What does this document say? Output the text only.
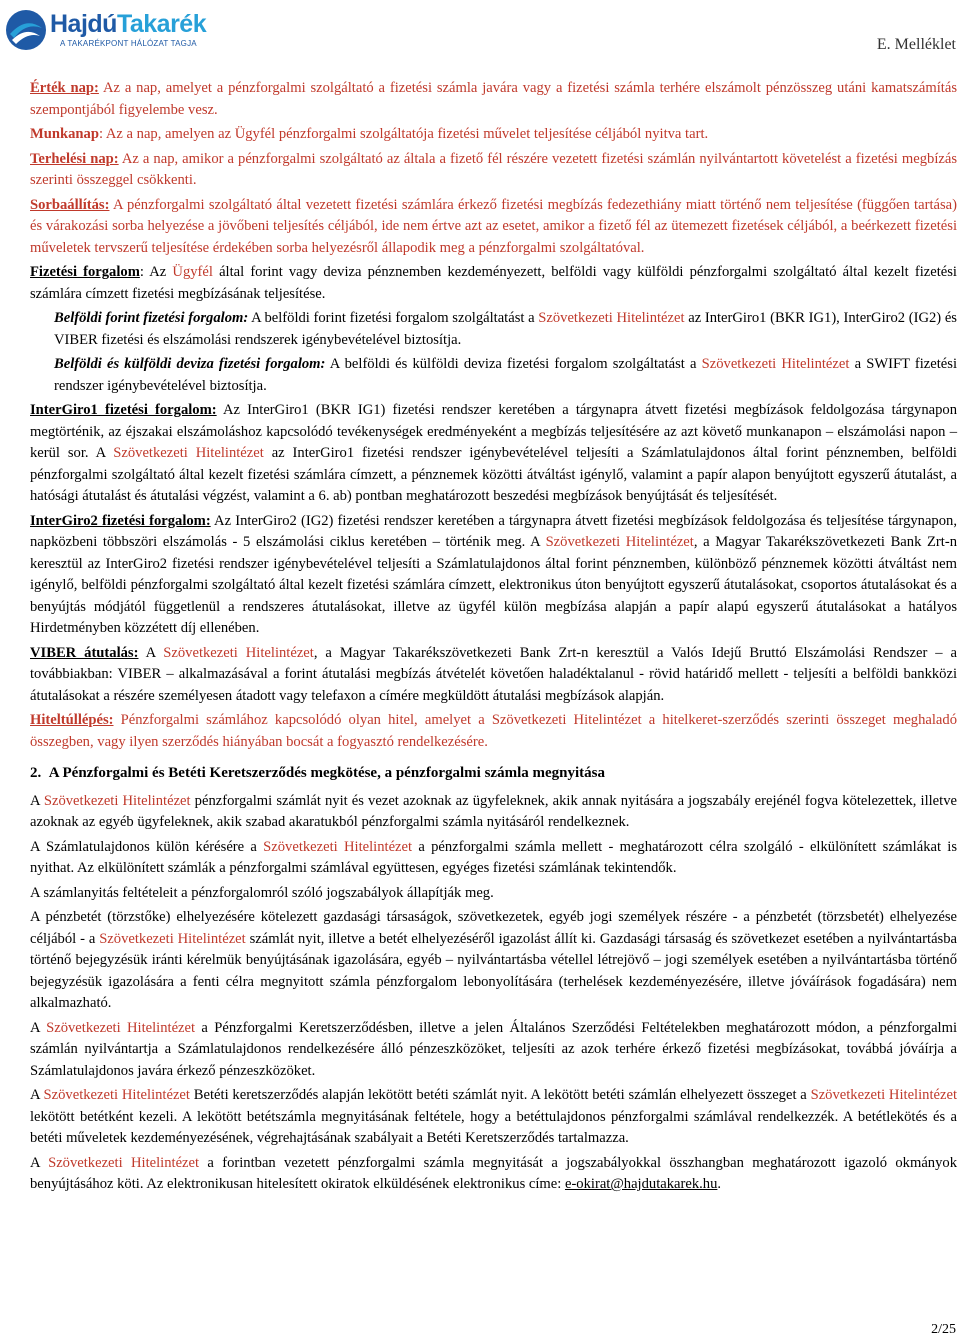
HajdúTakarék
A TAKARÉKPONT HÁLÓZAT TAGJA	E. Melléklet

Érték nap: Az a nap, amelyet a pénzforgalmi szolgáltató a fizetési számla javára vagy a fizetési számla terhére elszámolt pénzösszeg utáni kamatszámítás szempontjából figyelembe vesz.

Munkanap: Az a nap, amelyen az Ügyfél pénzforgalmi szolgáltatója fizetési művelet teljesítése céljából nyitva tart.

Terhelési nap: Az a nap, amikor a pénzforgalmi szolgáltató az általa a fizető fél részére vezetett fizetési számlán nyilvántartott követelést a fizetési megbízás szerinti összeggel csökkenti.

Sorbaállítás: A pénzforgalmi szolgáltató által vezetett fizetési számlára érkező fizetési megbízás fedezethiány miatt történő nem teljesítése (függően tartása) és várakozási sorba helyezése a jövőbeni teljesítés céljából, ide nem értve azt az esetet, amikor a fizető fél az ütemezett fizetések céljából, a beérkezett fizetési műveletek tervszerű teljesítése érdekében sorba helyezésről állapodik meg a pénzforgalmi szolgáltatóval.

Fizetési forgalom: Az Ügyfél által forint vagy deviza pénznemben kezdeményezett, belföldi vagy külföldi pénzforgalmi szolgáltató által kezelt fizetési számlára címzett fizetési megbízásának teljesítése.

Belföldi forint fizetési forgalom: A belföldi forint fizetési forgalom szolgáltatást a Szövetkezeti Hitelintézet az InterGiro1 (BKR IG1), InterGiro2 (IG2) és VIBER fizetési és elszámolási rendszerek igénybevételével biztosítja.

Belföldi és külföldi deviza fizetési forgalom: A belföldi és külföldi deviza fizetési forgalom szolgáltatást a Szövetkezeti Hitelintézet a SWIFT fizetési rendszer igénybevételével biztosítja.

InterGiro1 fizetési forgalom: Az InterGiro1 (BKR IG1) fizetési rendszer keretében a tárgynapra átvett fizetési megbízások feldolgozása tárgynapon megtörténik, az éjszakai elszámoláshoz kapcsolódó tevékenységek eredményeként a megbízás teljesítésére az azt követő munkanapon – elszámolási napon – kerül sor. A Szövetkezeti Hitelintézet az InterGiro1 fizetési rendszer igénybevételével teljesíti a Számlatulajdonos által forint pénznemben, belföldi pénzforgalmi szolgáltató által kezelt fizetési számlára címzett, a pénznemek közötti átváltást igénylő, valamint a papír alapon benyújtott egyszerű átutalást, a hatósági átutalást és átutalási végzést, valamint a 6. ab) pontban meghatározott beszedési megbízások benyújtását és teljesítését.

InterGiro2 fizetési forgalom: Az InterGiro2 (IG2) fizetési rendszer keretében a tárgynapra átvett fizetési megbízások feldolgozása és teljesítése tárgynapon, napközbeni többszöri elszámolás - 5 elszámolási ciklus keretében – történik meg. A Szövetkezeti Hitelintézet, a Magyar Takarékszövetkezeti Bank Zrt-n keresztül az InterGiro2 fizetési rendszer igénybevételével teljesíti a Számlatulajdonos által forint pénznemben, különböző pénznemek közötti átváltást nem igénylő, belföldi pénzforgalmi szolgáltató által kezelt fizetési számlára címzett, elektronikus úton benyújtott egyszerű átutalásokat, csoportos átutalásokat és a benyújtás módjától függetlenül a rendszeres átutalásokat, illetve az ügyfél külön megbízása alapján a papír alapú egyszerű átutalásokat a hatályos Hirdetményben közzétett díj ellenében.

VIBER átutalás: A Szövetkezeti Hitelintézet, a Magyar Takarékszövetkezeti Bank Zrt-n keresztül a Valós Idejű Bruttó Elszámolási Rendszer – a továbbiakban: VIBER – alkalmazásával a forint átutalási megbízás átvételét követően haladéktalanul - rövid határidő mellett - teljesíti a belföldi bankközi átutalásokat a részére személyesen átadott vagy telefaxon a címére megküldött átutalási megbízások alapján.

Hiteltúllépés: Pénzforgalmi számlához kapcsolódó olyan hitel, amelyet a Szövetkezeti Hitelintézet a hitelkeret-szerződés szerinti összeget meghaladó összegben, vagy ilyen szerződés hiányában bocsát a fogyasztó rendelkezésére.

2. A Pénzforgalmi és Betéti Keretszerződés megkötése, a pénzforgalmi számla megnyitása

A Szövetkezeti Hitelintézet pénzforgalmi számlát nyit és vezet azoknak az ügyfeleknek, akik annak nyitására a jogszabály erejénél fogva kötelezettek, illetve azoknak az egyéb ügyfeleknek, akik szabad akaratukból pénzforgalmi számla nyitásáról rendelkeznek.

A Számlatulajdonos külön kérésére a Szövetkezeti Hitelintézet a pénzforgalmi számla mellett - meghatározott célra szolgáló - elkülönített számlákat is nyithat. Az elkülönített számlák a pénzforgalmi számlával együttesen, egyéges fizetési számlának tekintendők.

A számlanyitás feltételeit a pénzforgalomról szóló jogszabályok állapítják meg.

A pénzbetét (törzstőke) elhelyezésére kötelezett gazdasági társaságok, szövetkezetek, egyéb jogi személyek részére - a pénzbetét (törzsbetét) elhelyezése céljából - a Szövetkezeti Hitelintézet számlát nyit, illetve a betét elhelyezéséről igazolást állít ki. Gazdasági társaság és szövetkezet esetében a nyilvántartásba történő bejegyzésük iránti kérelmük benyújtásának igazolására, egyéb – nyilvántartásba vétellel létrejövő – jogi személyek esetében a nyilvántartásba történő bejegyzésük igazolására a fenti célra megnyitott számla pénzforgalom lebonyolítására (terhelések kezdeményezésére, illetve jóváírások fogadására) nem alkalmazható.

A Szövetkezeti Hitelintézet a Pénzforgalmi Keretszerződésben, illetve a jelen Általános Szerződési Feltételekben meghatározott módon, a pénzforgalmi számlán nyilvántartja a Számlatulajdonos rendelkezésére álló pénzeszközöket, teljesíti az azok terhére érkező fizetési megbízásokat, továbbá jóváírja a Számlatulajdonos javára érkező pénzeszközöket.

A Szövetkezeti Hitelintézet Betéti keretszerződés alapján lekötött betéti számlát nyit. A lekötött betéti számlán elhelyezett összeget a Szövetkezeti Hitelintézet lekötött betétként kezeli. A lekötött betétszámla megnyitásának feltétele, hogy a betéttulajdonos pénzforgalmi számlával rendelkezzék. A betétlekötés és a betéti műveletek kezdeményezésének, végrehajtásának szabályait a Betéti Keretszerződés tartalmazza.

A Szövetkezeti Hitelintézet a forintban vezetett pénzforgalmi számla megnyitását a jogszabályokkal összhangban meghatározott igazoló okmányok benyújtásához köti. Az elektronikusan hitelesített okiratok elküldésének elektronikus címe: e-okirat@hajdutakarek.hu.

2/25
